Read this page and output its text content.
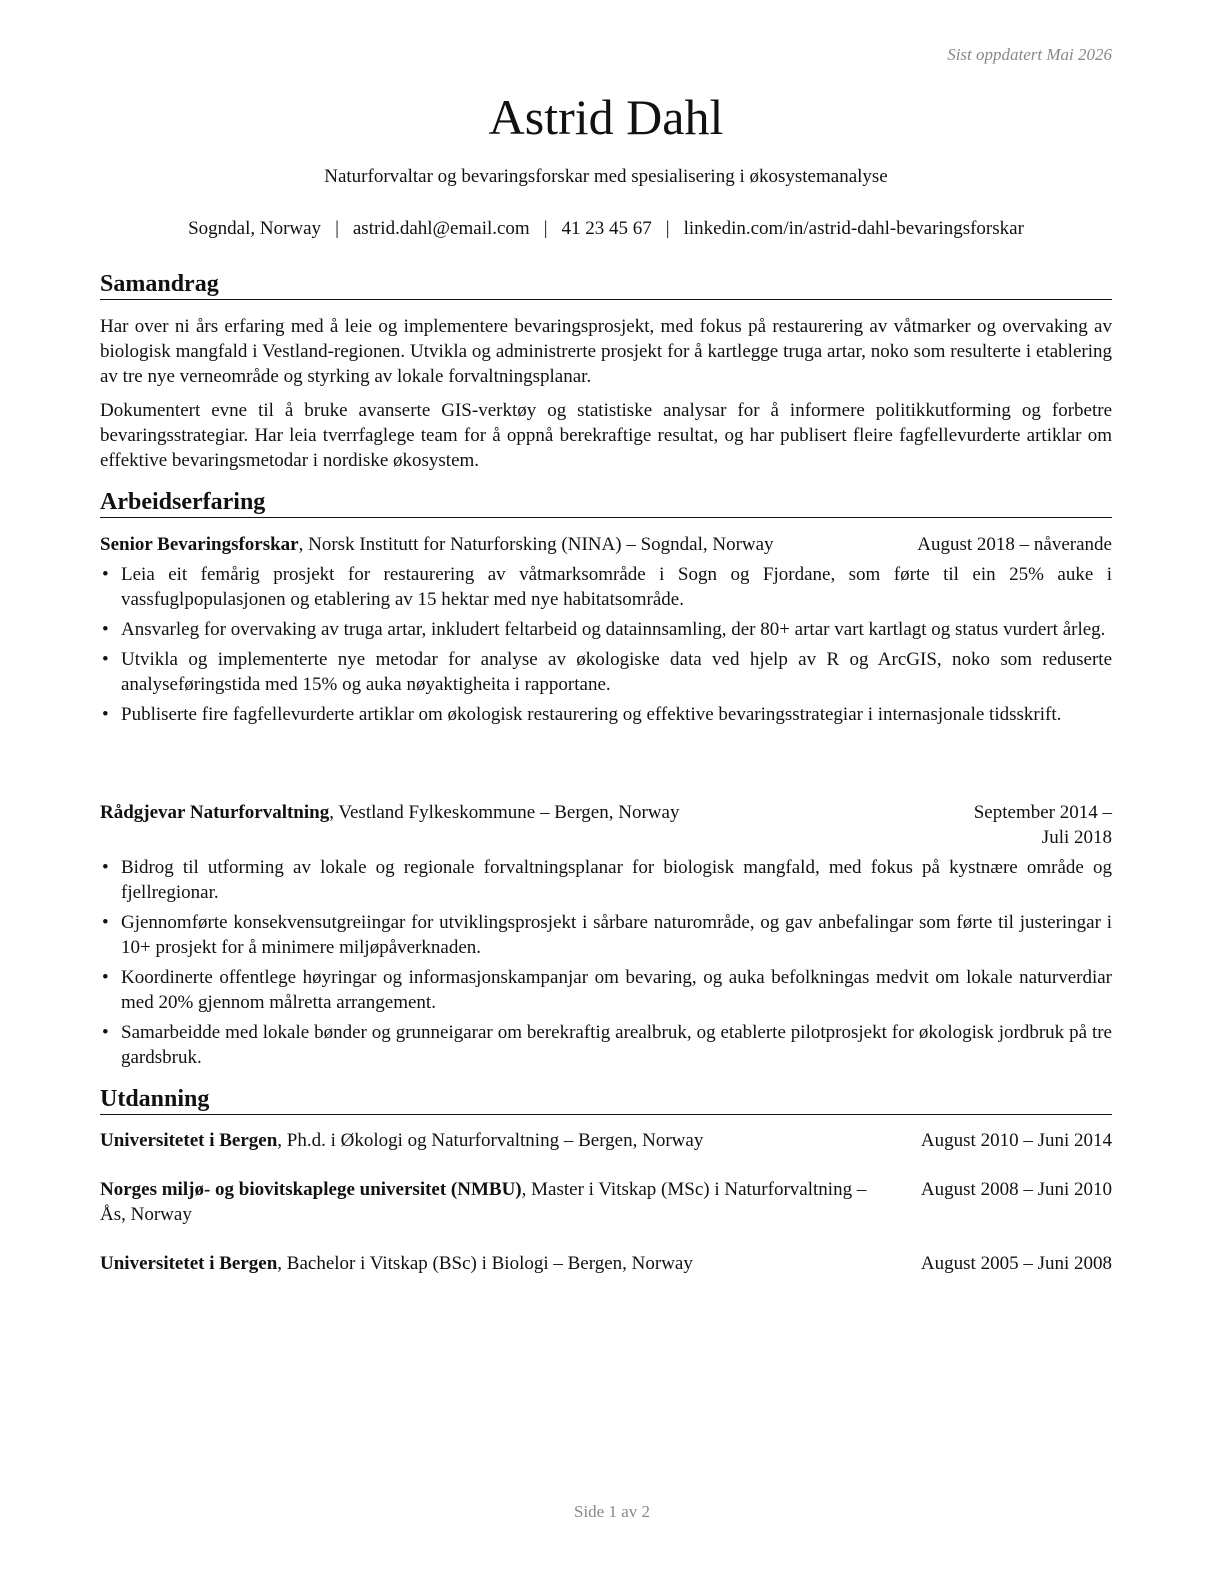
Sist oppdatert Mai 2026
Astrid Dahl
Naturforvaltar og bevaringsforskar med spesialisering i økosystemanalyse
Sogndal, Norway | astrid.dahl@email.com | 41 23 45 67 | linkedin.com/in/astrid-dahl-bevaringsforskar
Samandrag
Har over ni års erfaring med å leie og implementere bevaringsprosjekt, med fokus på restaurering av våtmarker og overvaking av biologisk mangfald i Vestland-regionen. Utvikla og administrerte prosjekt for å kartlegge truga artar, noko som resulterte i etablering av tre nye verneområde og styrking av lokale forvaltningsplanar.
Dokumentert evne til å bruke avanserte GIS-verktøy og statistiske analysar for å informere politikkutforming og forbetre bevaringsstrategiar. Har leia tverrfaglege team for å oppnå berekraftige resultat, og har publisert fleire fagfellevurderte artiklar om effektive bevaringsmetodar i nordiske økosystem.
Arbeidserfaring
Senior Bevaringsforskar, Norsk Institutt for Naturforsking (NINA) – Sogndal, Norway	August 2018 – nåverande
• Leia eit femårig prosjekt for restaurering av våtmarksområde i Sogn og Fjordane, som førte til ein 25% auke i vassfuglpopulasjonen og etablering av 15 hektar med nye habitatsområde.
• Ansvarleg for overvaking av truga artar, inkludert feltarbeid og datainnsamling, der 80+ artar vart kartlagt og status vurdert årleg.
• Utvikla og implementerte nye metodar for analyse av økologiske data ved hjelp av R og ArcGIS, noko som reduserte analyseføringstida med 15% og auka nøyaktigheita i rapportane.
• Publiserte fire fagfellevurderte artiklar om økologisk restaurering og effektive bevaringsstrategiar i internasjonale tidsskrift.
Rådgjevar Naturforvaltning, Vestland Fylkeskommune – Bergen, Norway	September 2014 – Juli 2018
• Bidrog til utforming av lokale og regionale forvaltningsplanar for biologisk mangfald, med fokus på kystnære område og fjellregionar.
• Gjennomførte konsekvensutgreiingar for utviklingsprosjekt i sårbare naturområde, og gav anbefalingar som førte til justeringar i 10+ prosjekt for å minimere miljøpåverknaden.
• Koordinerte offentlege høyringar og informasjonskampanjar om bevaring, og auka befolkningas medvit om lokale naturverdiar med 20% gjennom målretta arrangement.
• Samarbeidde med lokale bønder og grunneigarar om berekraftig arealbruk, og etablerte pilotprosjekt for økologisk jordbruk på tre gardsbruk.
Utdanning
Universitetet i Bergen, Ph.d. i Økologi og Naturforvaltning – Bergen, Norway	August 2010 – Juni 2014
Norges miljø- og biovitskaplege universitet (NMBU), Master i Vitskap (MSc) i Naturforvaltning – Ås, Norway
August 2008 – Juni 2010
Universitetet i Bergen, Bachelor i Vitskap (BSc) i Biologi – Bergen, Norway	August 2005 – Juni 2008
Side 1 av 2
